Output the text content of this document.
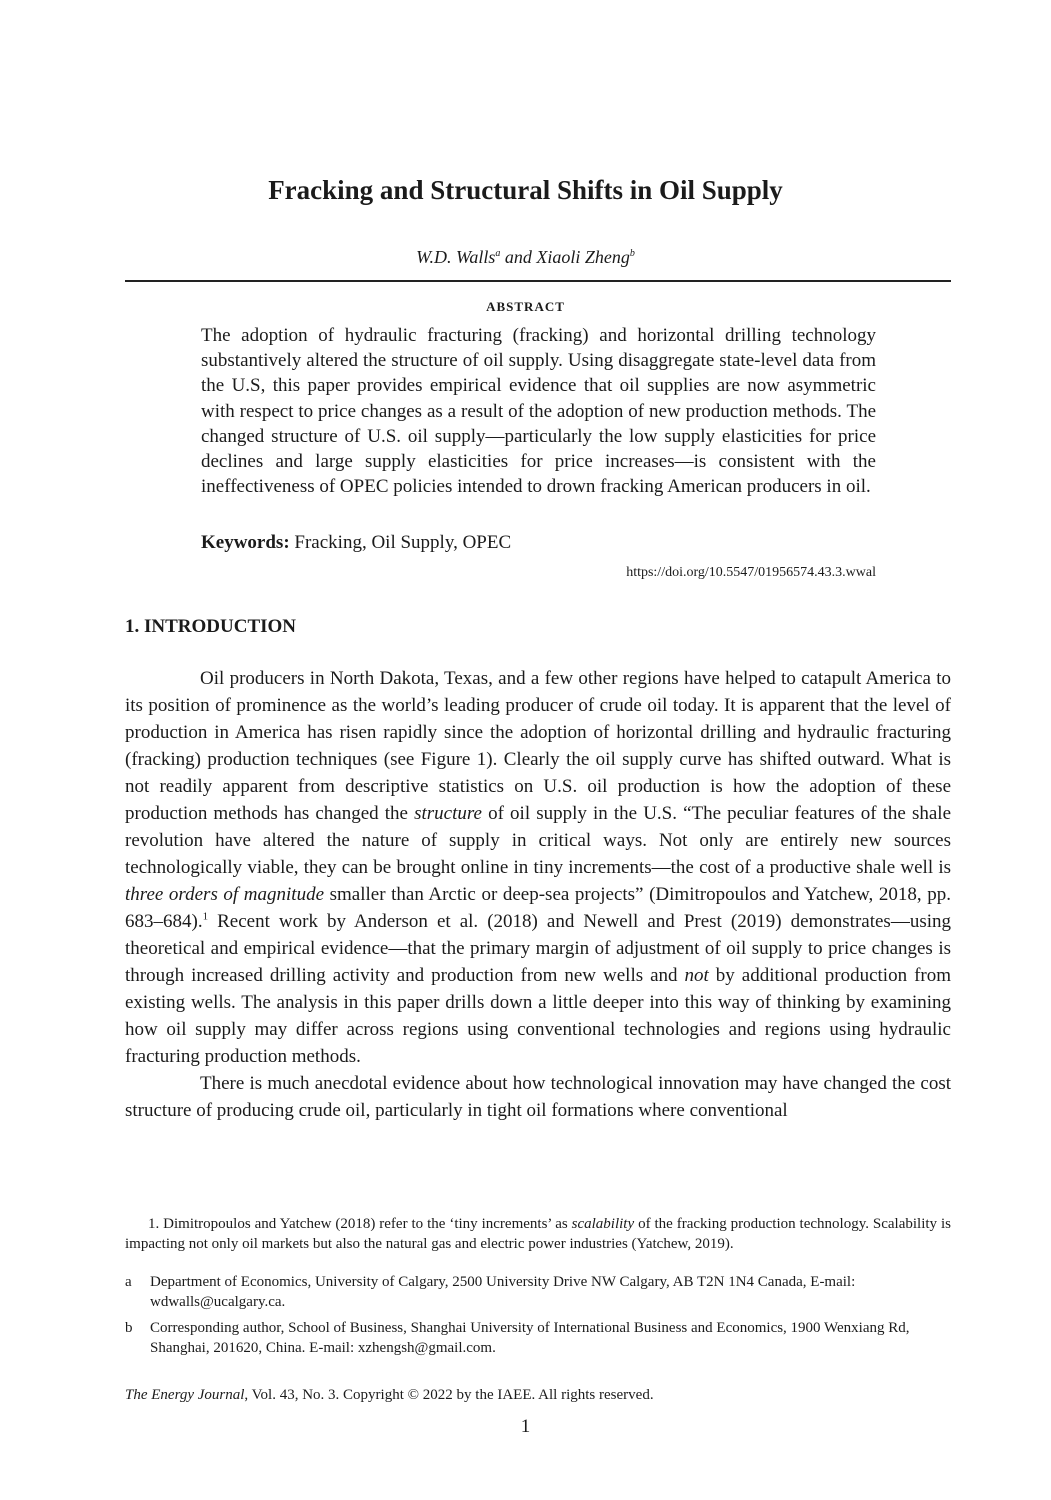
Fracking and Structural Shifts in Oil Supply
W.D. Walls$^a$ and Xiaoli Zheng$^b$
ABSTRACT

The adoption of hydraulic fracturing (fracking) and horizontal drilling technology substantively altered the structure of oil supply. Using disaggregate state-level data from the U.S, this paper provides empirical evidence that oil supplies are now asymmetric with respect to price changes as a result of the adoption of new production methods. The changed structure of U.S. oil supply—particularly the low supply elasticities for price declines and large supply elasticities for price increases—is consistent with the ineffectiveness of OPEC policies intended to drown fracking American producers in oil.

Keywords: Fracking, Oil Supply, OPEC

https://doi.org/10.5547/01956574.43.3.wwal
1. INTRODUCTION

Oil producers in North Dakota, Texas, and a few other regions have helped to catapult America to its position of prominence as the world’s leading producer of crude oil today. It is apparent that the level of production in America has risen rapidly since the adoption of horizontal drilling and hydraulic fracturing (fracking) production techniques (see Figure 1). Clearly the oil supply curve has shifted outward. What is not readily apparent from descriptive statistics on U.S. oil production is how the adoption of these production methods has changed the structure of oil supply in the U.S. “The peculiar features of the shale revolution have altered the nature of supply in critical ways. Not only are entirely new sources technologically viable, they can be brought online in tiny increments—the cost of a productive shale well is three orders of magnitude smaller than Arctic or deep-sea projects” (Dimitropoulos and Yatchew, 2018, pp. 683–684).$^1$ Recent work by Anderson et al. (2018) and Newell and Prest (2019) demonstrates—using theoretical and empirical evidence—that the primary margin of adjustment of oil supply to price changes is through increased drilling activity and production from new wells and not by additional production from existing wells. The analysis in this paper drills down a little deeper into this way of thinking by examining how oil supply may differ across regions using conventional technologies and regions using hydraulic fracturing production methods.

There is much anecdotal evidence about how technological innovation may have changed the cost structure of producing crude oil, particularly in tight oil formations where conventional

1. Dimitropoulos and Yatchew (2018) refer to the ‘tiny increments’ as scalability of the fracking production technology. Scalability is impacting not only oil markets but also the natural gas and electric power industries (Yatchew, 2019).
a	Department of Economics, University of Calgary, 2500 University Drive NW Calgary, AB T2N 1N4 Canada, E-mail: wdwalls@ucalgary.ca.
b	Corresponding author, School of Business, Shanghai University of International Business and Economics, 1900 Wenxiang Rd, Shanghai, 201620, China. E-mail: xzhengsh@gmail.com.
The Energy Journal, Vol. 43, No. 3. Copyright © 2022 by the IAEE. All rights reserved.
1
